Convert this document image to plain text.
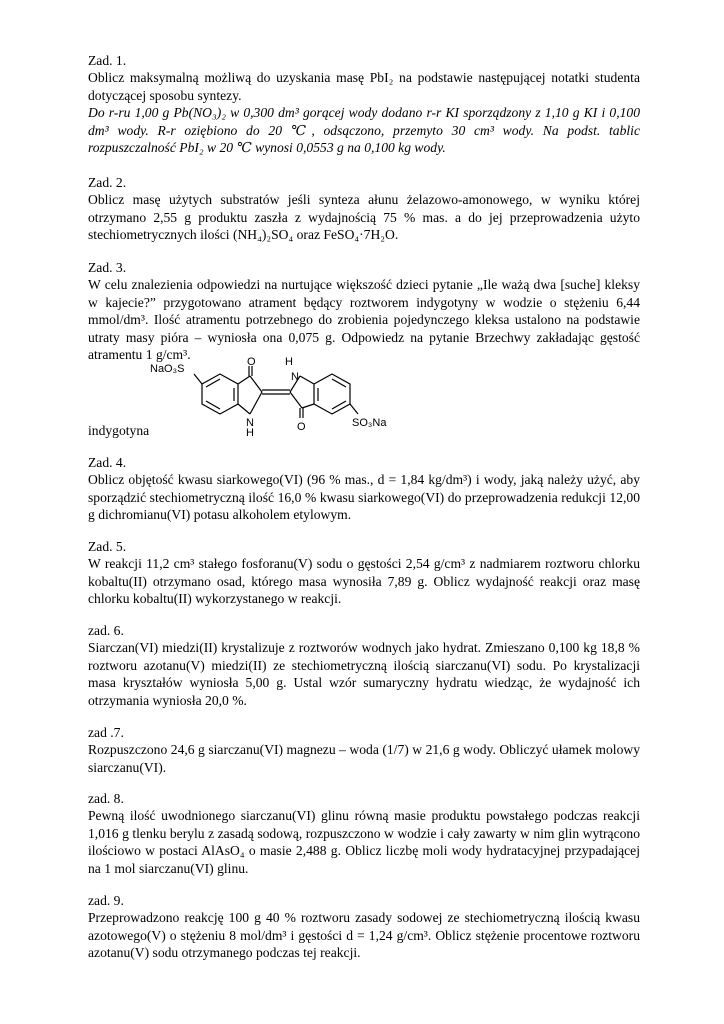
Zad. 1.

Oblicz maksymalną możliwą do uzyskania masę PbI₂ na podstawie następującej notatki studenta dotyczącej sposobu syntezy.

Do r-ru 1,00 g Pb(NO₃)₂ w 0,300 dm³ gorącej wody dodano r-r KI sporządzony z 1,10 g KI i 0,100 dm³ wody. R-r oziębiono do 20 ℃, odsączono, przemyto 30 cm³ wody. Na podst. tablic rozpuszczalność PbI₂ w 20 ℃ wynosi 0,0553 g na 0,100 kg wody.

Zad. 2.

Oblicz masę użytych substratów jeśli synteza ałunu żelazowo-amonowego, w wyniku której otrzymano 2,55 g produktu zaszła z wydajnością 75 % mas. a do jej przeprowadzenia użyto stechiometrycznych ilości (NH₄)₂SO₄ oraz FeSO₄·7H₂O.

Zad. 3.

W celu znalezienia odpowiedzi na nurtujące większość dzieci pytanie „Ile ważą dwa [suche] kleksy w kajecie?” przygotowano atrament będący roztworem indygotyny w wodzie o stężeniu 6,44 mmol/dm³. Ilość atramentu potrzebnego do zrobienia pojedynczego kleksa ustalono na podstawie utraty masy pióra – wyniosła ona 0,075 g. Odpowiedz na pytanie Brzechwy zakładając gęstość atramentu 1 g/cm³.

NaO₃S
O	H
N
N
H	O	SO₃Na
indygotyna
Zad. 4.

Oblicz objętość kwasu siarkowego(VI) (96 % mas., d = 1,84 kg/dm³) i wody, jaką należy użyć, aby sporządzić stechiometryczną ilość 16,0 % kwasu siarkowego(VI) do przeprowadzenia redukcji 12,00 g dichromianu(VI) potasu alkoholem etylowym.

Zad. 5.

W reakcji 11,2 cm³ stałego fosforanu(V) sodu o gęstości 2,54 g/cm³ z nadmiarem roztworu chlorku kobaltu(II) otrzymano osad, którego masa wynosiła 7,89 g. Oblicz wydajność reakcji oraz masę chlorku kobaltu(II) wykorzystanego w reakcji.

zad. 6.

Siarczan(VI) miedzi(II) krystalizuje z roztworów wodnych jako hydrat. Zmieszano 0,100 kg 18,8 % roztworu azotanu(V) miedzi(II) ze stechiometryczną ilością siarczanu(VI) sodu. Po krystalizacji masa kryształów wyniosła 5,00 g. Ustal wzór sumaryczny hydratu wiedząc, że wydajność ich otrzymania wyniosła 20,0 %.

zad .7.

Rozpuszczono 24,6 g siarczanu(VI) magnezu – woda (1/7) w 21,6 g wody. Obliczyć ułamek molowy siarczanu(VI).

zad. 8.

Pewną ilość uwodnionego siarczanu(VI) glinu równą masie produktu powstałego podczas reakcji 1,016 g tlenku berylu z zasadą sodową, rozpuszczono w wodzie i cały zawarty w nim glin wytrącono ilościowo w postaci AlAsO₄ o masie 2,488 g. Oblicz liczbę moli wody hydratacyjnej przypadającej na 1 mol siarczanu(VI) glinu.

zad. 9.

Przeprowadzono reakcję 100 g 40 % roztworu zasady sodowej ze stechiometryczną ilością kwasu azotowego(V) o stężeniu 8 mol/dm³ i gęstości d = 1,24 g/cm³. Oblicz stężenie procentowe roztworu azotanu(V) sodu otrzymanego podczas tej reakcji.
